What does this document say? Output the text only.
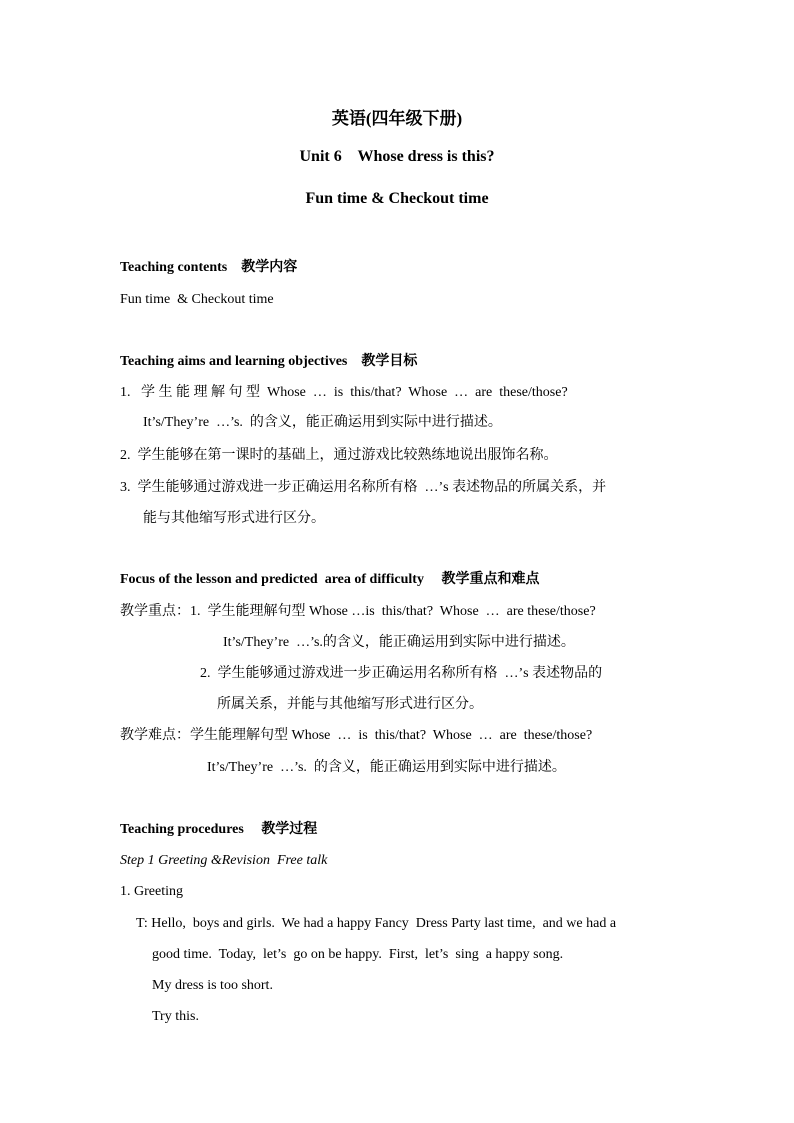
英语(四年级下册)
Unit 6    Whose dress is this?
Fun time & Checkout time
Teaching contents    教学内容
Fun time  & Checkout time
Teaching aims and learning objectives    教学目标
1.   学 生 能 理 解 句 型  Whose  …  is  this/that?  Whose  …  are  these/those?
It’s/They’re  …’s.  的含义，能正确运用到实际中进行描述。
2.  学生能够在第一课时的基础上，通过游戏比较熟练地说出服饰名称。
3.  学生能够通过游戏进一步正确运用名称所有格  …’s 表述物品的所属关系，并
能与其他缩写形式进行区分。
Focus of the lesson and predicted  area of difficulty     教学重点和难点
教学重点：1.  学生能理解句型 Whose …is  this/that?  Whose  …  are these/those?
It’s/They’re  …’s.的含义，能正确运用到实际中进行描述。
2.  学生能够通过游戏进一步正确运用名称所有格  …’s 表述物品的
所属关系，并能与其他缩写形式进行区分。
教学难点：学生能理解句型 Whose  …  is  this/that?  Whose  …  are  these/those?
It’s/They’re  …’s.  的含义，能正确运用到实际中进行描述。
Teaching procedures     教学过程
Step 1 Greeting &Revision  Free talk
1. Greeting
T: Hello,  boys and girls.  We had a happy Fancy  Dress Party last time,  and we had a
good time.  Today,  let’s  go on be happy.  First,  let’s  sing  a happy song.
My dress is too short.
Try this.
